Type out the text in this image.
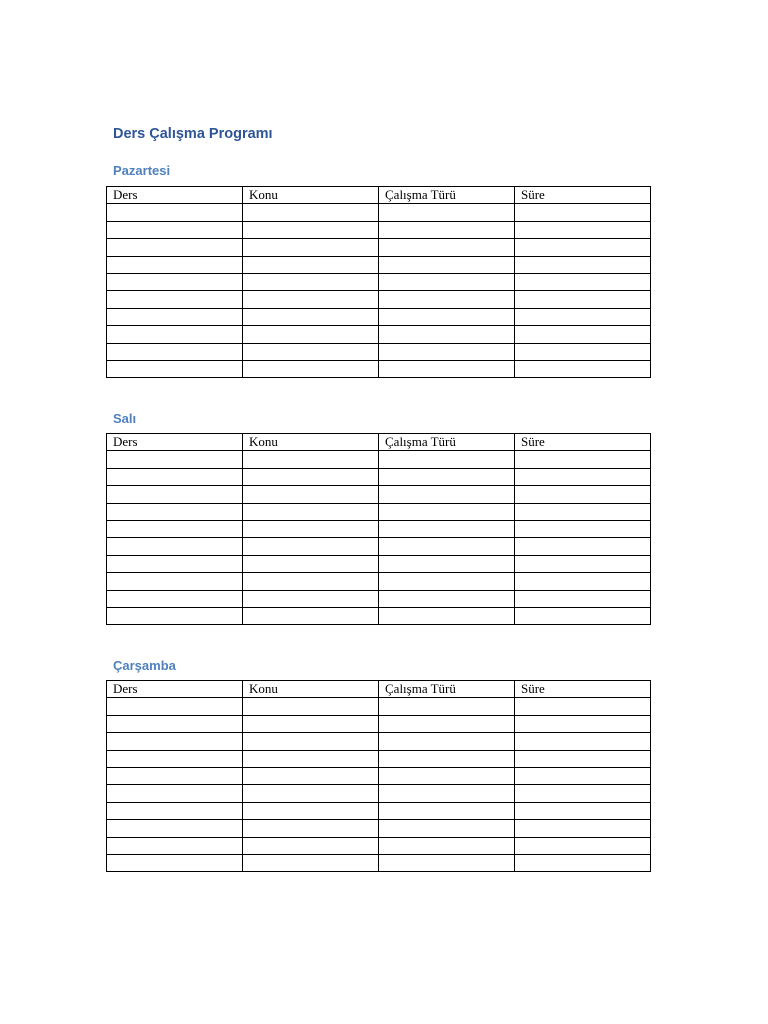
Ders Çalışma Programı
Pazartesi
Ders	Konu	Çalışma Türü	Süre

Salı
Ders	Konu	Çalışma Türü	Süre

Çarşamba
Ders	Konu	Çalışma Türü	Süre
